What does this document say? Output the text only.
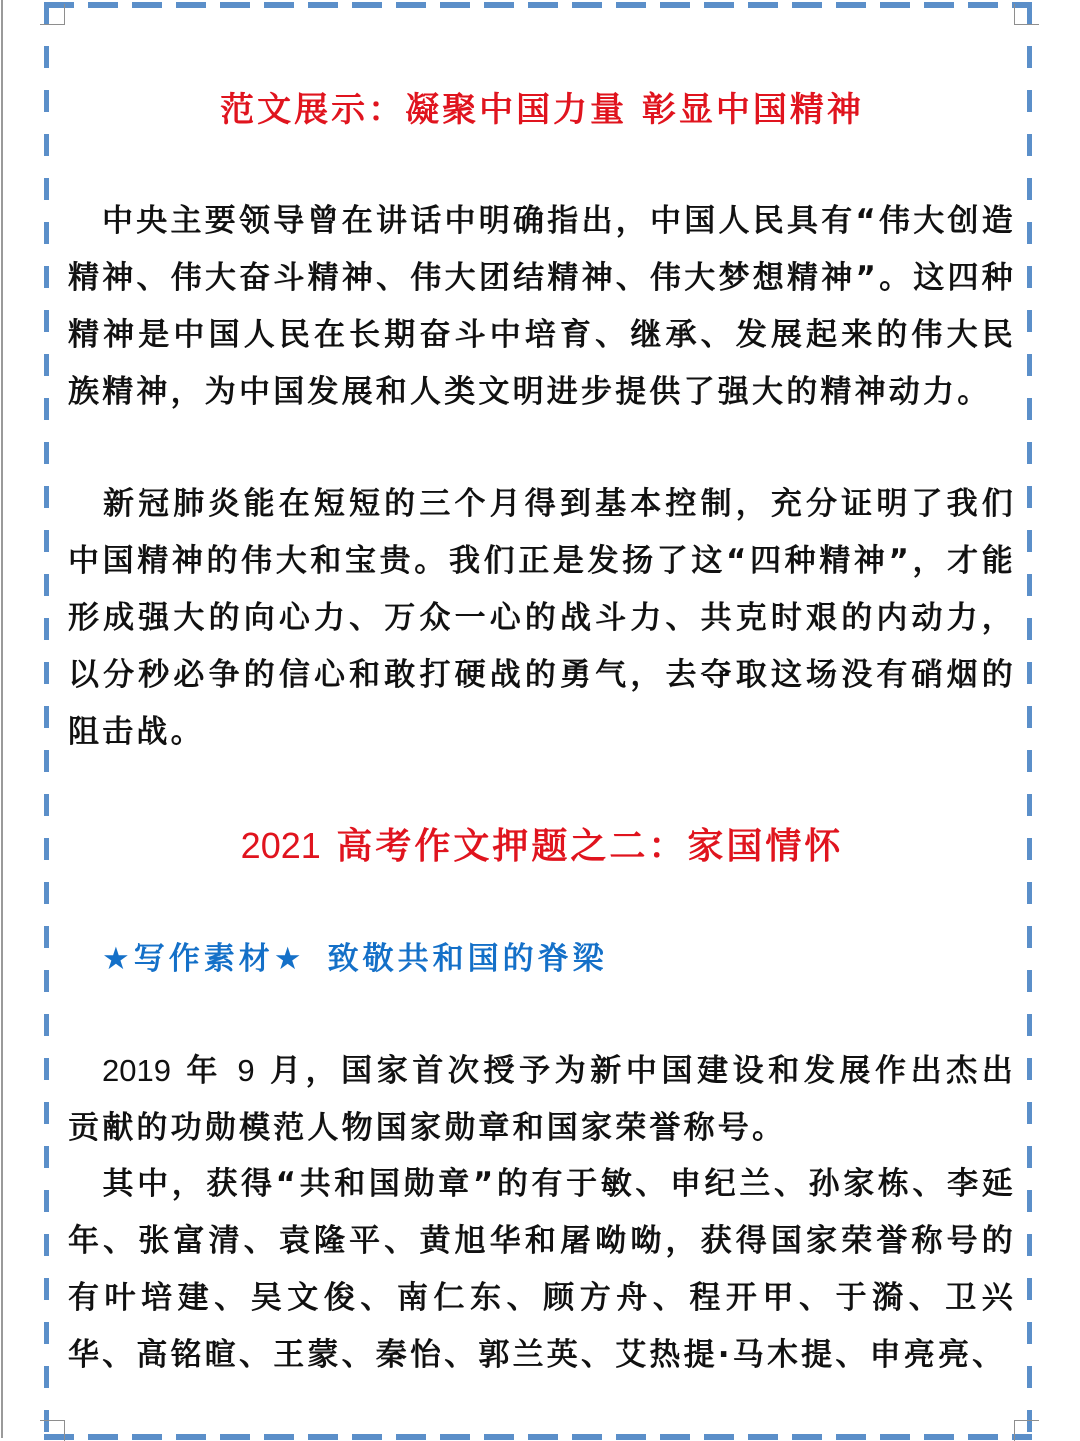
范文展示：凝聚中国力量 彰显中国精神
中央主要领导曾在讲话中明确指出，中国人民具有“伟大创造精神、伟大奋斗精神、伟大团结精神、伟大梦想精神”。这四种精神是中国人民在长期奋斗中培育、继承、发展起来的伟大民族精神，为中国发展和人类文明进步提供了强大的精神动力。
新冠肺炎能在短短的三个月得到基本控制，充分证明了我们中国精神的伟大和宝贵。我们正是发扬了这“四种精神”，才能形成强大的向心力、万众一心的战斗力、共克时艰的内动力，以分秒必争的信心和敢打硬战的勇气，去夺取这场没有硝烟的阻击战。
2021 高考作文押题之二：家国情怀
★写作素材★ 致敬共和国的脊梁
2019 年 9 月，国家首次授予为新中国建设和发展作出杰出贡献的功勋模范人物国家勋章和国家荣誉称号。
其中，获得“共和国勋章”的有于敏、申纪兰、孙家栋、李延年、张富清、袁隆平、黄旭华和屠呦呦，获得国家荣誉称号的有叶培建、吴文俊、南仁东、顾方舟、程开甲、于漪、卫兴华、高铭暄、王蒙、秦怡、郭兰英、艾热提·马木提、申亮亮、
